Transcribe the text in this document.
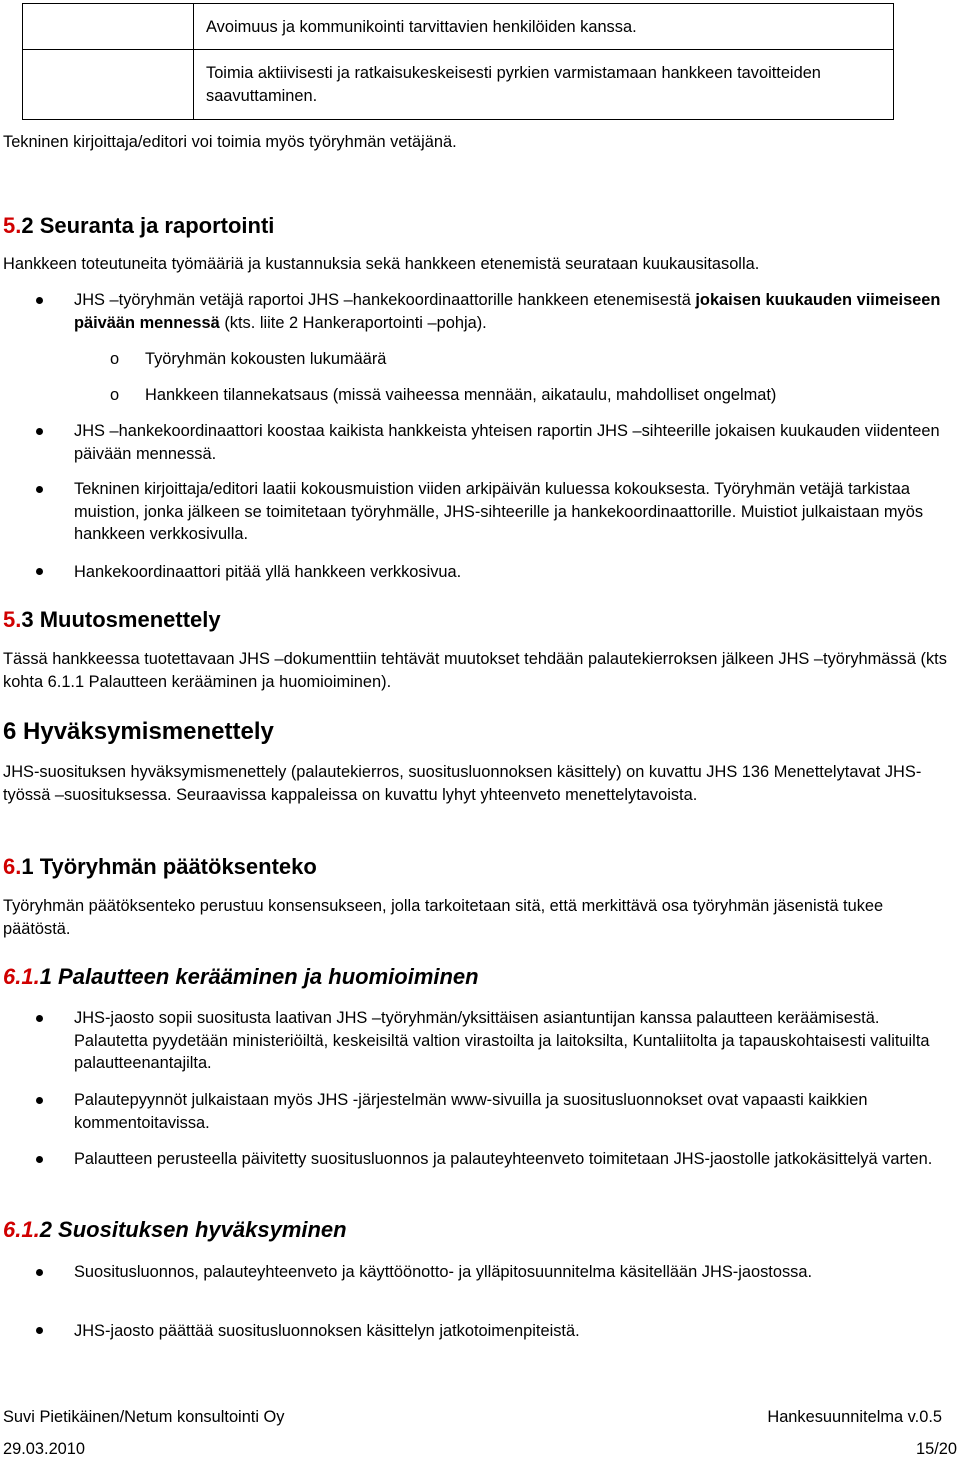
Avoimuus ja kommunikointi tarvittavien henkilöiden kanssa.
Toimia aktiivisesti ja ratkaisukeskeisesti pyrkien varmistamaan hankkeen tavoitteiden saavuttaminen.
Tekninen kirjoittaja/editori voi toimia myös työryhmän vetäjänä.
5.2 Seuranta ja raportointi
Hankkeen toteutuneita työmääriä ja kustannuksia sekä hankkeen etenemistä seurataan kuukausitasolla.
JHS –työryhmän vetäjä raportoi JHS –hankekoordinaattorille hankkeen etenemisestä jokaisen kuukauden viimeiseen päivään mennessä (kts. liite 2 Hankeraportointi –pohja).
o Työryhmän kokousten lukumäärä
o Hankkeen tilannekatsaus (missä vaiheessa mennään, aikataulu, mahdolliset ongelmat)
JHS –hankekoordinaattori koostaa kaikista hankkeista yhteisen raportin JHS –sihteerille jokaisen kuukauden viidenteen päivään mennessä.
Tekninen kirjoittaja/editori laatii kokousmuistion viiden arkipäivän kuluessa kokouksesta. Työryhmän vetäjä tarkistaa muistion, jonka jälkeen se toimitetaan työryhmälle, JHS-sihteerille ja hankekoordinaattorille. Muistiot julkaistaan myös hankkeen verkkosivulla.
Hankekoordinaattori pitää yllä hankkeen verkkosivua.
5.3 Muutosmenettely
Tässä hankkeessa tuotettavaan JHS –dokumenttiin tehtävät muutokset tehdään palautekierroksen jälkeen JHS –työryhmässä (kts kohta 6.1.1 Palautteen kerääminen ja huomioiminen).
6 Hyväksymismenettely
JHS-suosituksen hyväksymismenettely (palautekierros, suositusluonnoksen käsittely) on kuvattu JHS 136 Menettelytavat JHS-työssä –suosituksessa. Seuraavissa kappaleissa on kuvattu lyhyt yhteenveto menettelytavoista.
6.1 Työryhmän päätöksenteko
Työryhmän päätöksenteko perustuu konsensukseen, jolla tarkoitetaan sitä, että merkittävä osa työryhmän jäsenistä tukee päätöstä.
6.1.1 Palautteen kerääminen ja huomioiminen
JHS-jaosto sopii suositusta laativan JHS –työryhmän/yksittäisen asiantuntijan kanssa palautteen keräämisestä. Palautetta pyydetään ministeriöiltä, keskeisiltä valtion virastoilta ja laitoksilta, Kuntaliitolta ja tapauskohtaisesti valituilta palautteenantajilta.
Palautepyynnöt julkaistaan myös JHS -järjestelmän www-sivuilla ja suositusluonnokset ovat vapaasti kaikkien kommentoitavissa.
Palautteen perusteella päivitetty suositusluonnos ja palauteyhteenveto toimitetaan JHS-jaostolle jatkokäsittelyä varten.
6.1.2 Suosituksen hyväksyminen
Suositusluonnos, palauteyhteenveto ja käyttöönotto- ja ylläpitosuunnitelma käsitellään JHS-jaostossa.
JHS-jaosto päättää suositusluonnoksen käsittelyn jatkotoimenpiteistä.
Suvi Pietikäinen/Netum konsultointi Oy	Hankesuunnitelma v.0.5
29.03.2010	15/20
